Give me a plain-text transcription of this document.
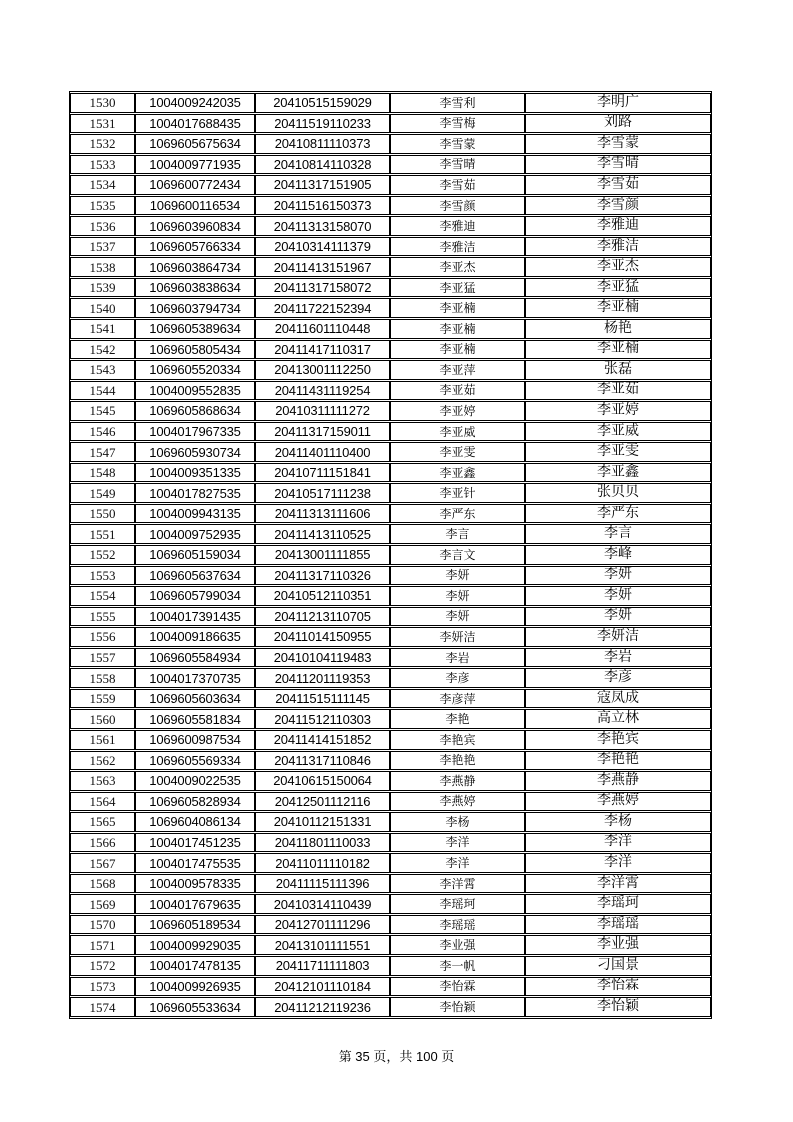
1530	1004009242035	20410515159029	李雪利	李明广
1531	1004017688435	20411519110233	李雪梅	刘路
1532	1069605675634	20410811110373	李雪蒙	李雪蒙
1533	1004009771935	20410814110328	李雪晴	李雪晴
1534	1069600772434	20411317151905	李雪茹	李雪茹
1535	1069600116534	20411516150373	李雪颜	李雪颜
1536	1069603960834	20411313158070	李雅迪	李雅迪
1537	1069605766334	20410314111379	李雅洁	李雅洁
1538	1069603864734	20411413151967	李亚杰	李亚杰
1539	1069603838634	20411317158072	李亚猛	李亚猛
1540	1069603794734	20411722152394	李亚楠	李亚楠
1541	1069605389634	20411601110448	李亚楠	杨艳
1542	1069605805434	20411417110317	李亚楠	李亚楠
1543	1069605520334	20413001112250	李亚萍	张磊
1544	1004009552835	20411431119254	李亚茹	李亚茹
1545	1069605868634	20410311111272	李亚婷	李亚婷
1546	1004017967335	20411317159011	李亚威	李亚威
1547	1069605930734	20411401110400	李亚雯	李亚雯
1548	1004009351335	20410711151841	李亚鑫	李亚鑫
1549	1004017827535	20410517111238	李亚针	张贝贝
1550	1004009943135	20411313111606	李严东	李严东
1551	1004009752935	20411413110525	李言	李言
1552	1069605159034	20413001111855	李言文	李峰
1553	1069605637634	20411317110326	李妍	李妍
1554	1069605799034	20410512110351	李妍	李妍
1555	1004017391435	20411213110705	李妍	李妍
1556	1004009186635	20411014150955	李妍洁	李妍洁
1557	1069605584934	20410104119483	李岩	李岩
1558	1004017370735	20411201119353	李彦	李彦
1559	1069605603634	20411515111145	李彦萍	寇凤成
1560	1069605581834	20411512110303	李艳	高立林
1561	1069600987534	20411414151852	李艳宾	李艳宾
1562	1069605569334	20411317110846	李艳艳	李艳艳
1563	1004009022535	20410615150064	李燕静	李燕静
1564	1069605828934	20412501112116	李燕婷	李燕婷
1565	1069604086134	20410112151331	李杨	李杨
1566	1004017451235	20411801110033	李洋	李洋
1567	1004017475535	20411011110182	李洋	李洋
1568	1004009578335	20411115111396	李洋霄	李洋霄
1569	1004017679635	20410314110439	李瑶珂	李瑶珂
1570	1069605189534	20412701111296	李瑶瑶	李瑶瑶
1571	1004009929035	20413101111551	李业强	李业强
1572	1004017478135	20411711111803	李一帆	刁国景
1573	1004009926935	20412101110184	李怡霖	李怡霖
1574	1069605533634	20411212119236	李怡颖	李怡颖
第 35 页，共 100 页
